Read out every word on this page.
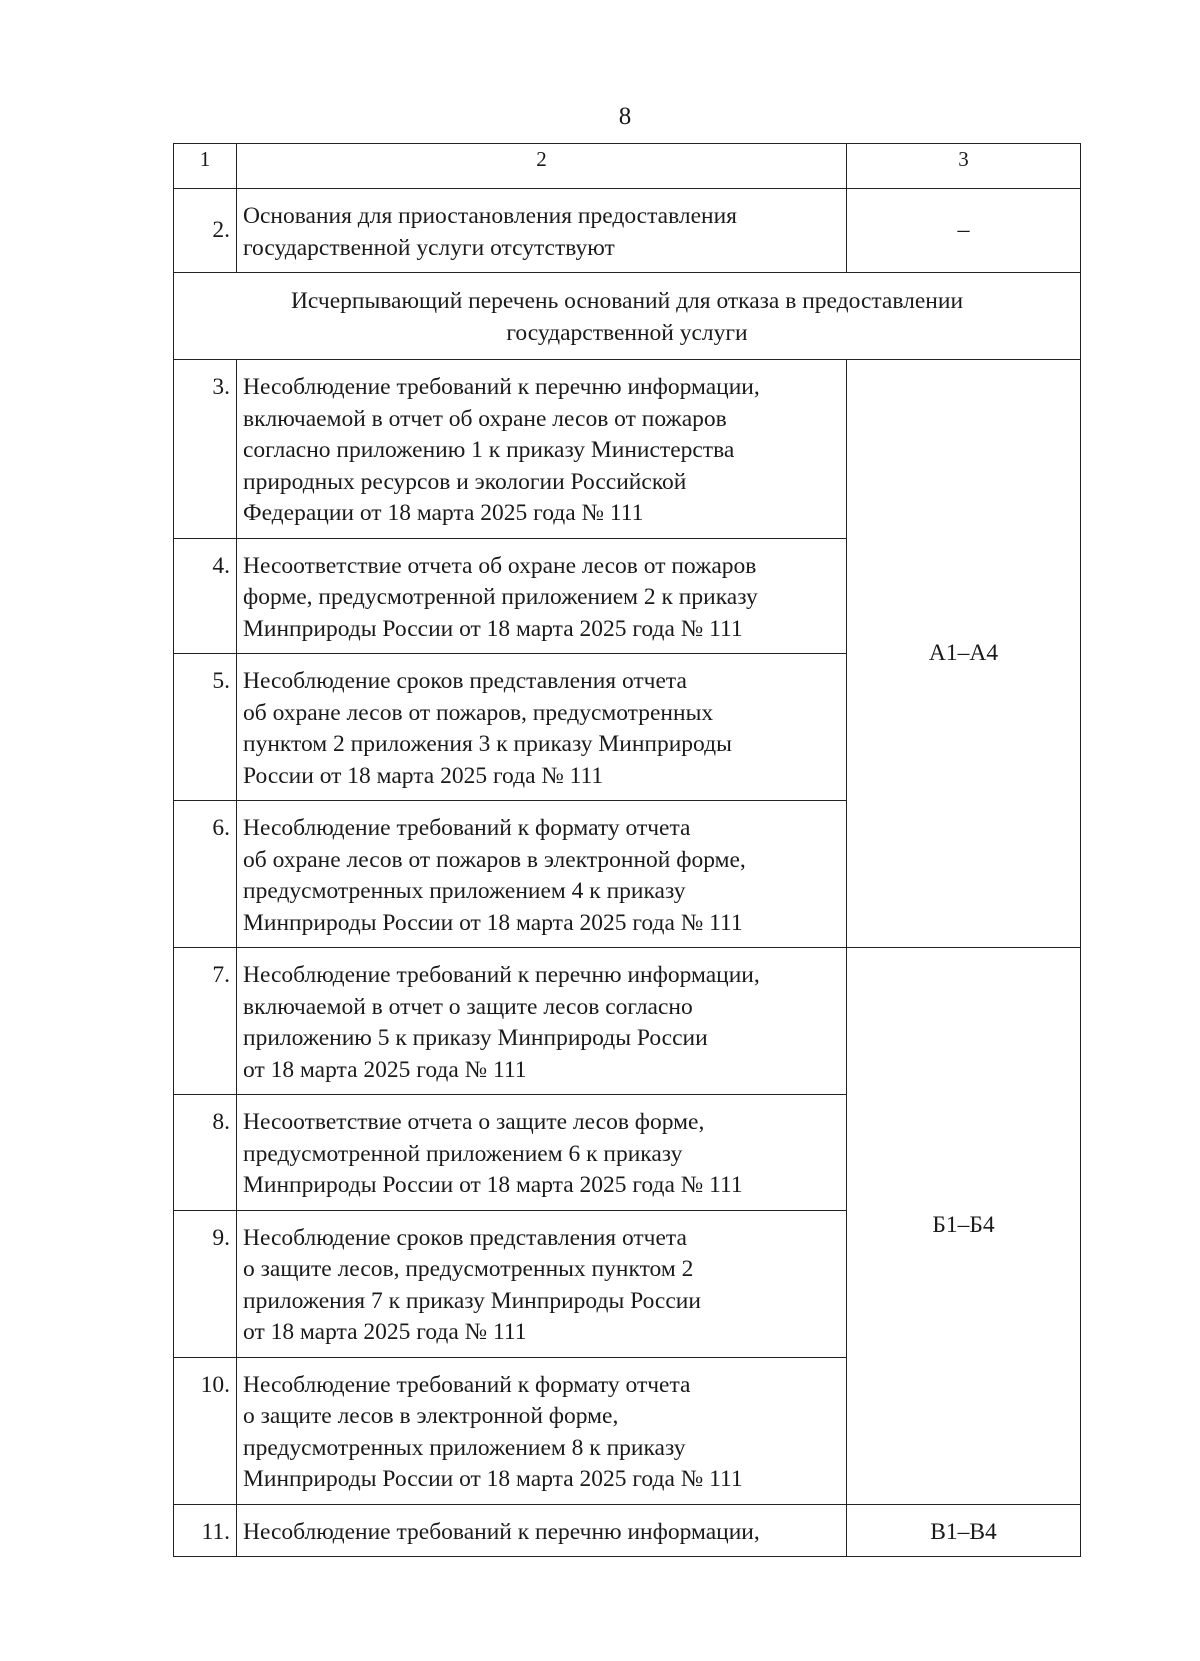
8
1	2	3
2.	Основания для приостановления предоставления
государственной услуги отсутствуют	–

Исчерпывающий перечень оснований для отказа в предоставлении
государственной услуги		

3.	Несоблюдение требований к перечню информации,
включаемой в отчет об охране лесов от пожаров
согласно приложению 1 к приказу Министерства
природных ресурсов и экологии Российской
Федерации от 18 марта 2025 года № 111	А1–А4
4.	Несоответствие отчета об охране лесов от пожаров
форме, предусмотренной приложением 2 к приказу
Минприроды России от 18 марта 2025 года № 111	

5.	Несоблюдение сроков представления отчета
об охране лесов от пожаров, предусмотренных
пунктом 2 приложения 3 к приказу Минприроды
России от 18 марта 2025 года № 111	

6.	Несоблюдение требований к формату отчета
об охране лесов от пожаров в электронной форме,
предусмотренных приложением 4 к приказу
Минприроды России от 18 марта 2025 года № 111	

7.	Несоблюдение требований к перечню информации,
включаемой в отчет о защите лесов согласно
приложению 5 к приказу Минприроды России
от 18 марта 2025 года № 111	Б1–Б4
8.	Несоответствие отчета о защите лесов форме,
предусмотренной приложением 6 к приказу
Минприроды России от 18 марта 2025 года № 111	

9.	Несоблюдение сроков представления отчета
о защите лесов, предусмотренных пунктом 2
приложения 7 к приказу Минприроды России
от 18 марта 2025 года № 111	

10.	Несоблюдение требований к формату отчета
о защите лесов в электронной форме,
предусмотренных приложением 8 к приказу
Минприроды России от 18 марта 2025 года № 111	

11.	Несоблюдение требований к перечню информации,	В1–В4
